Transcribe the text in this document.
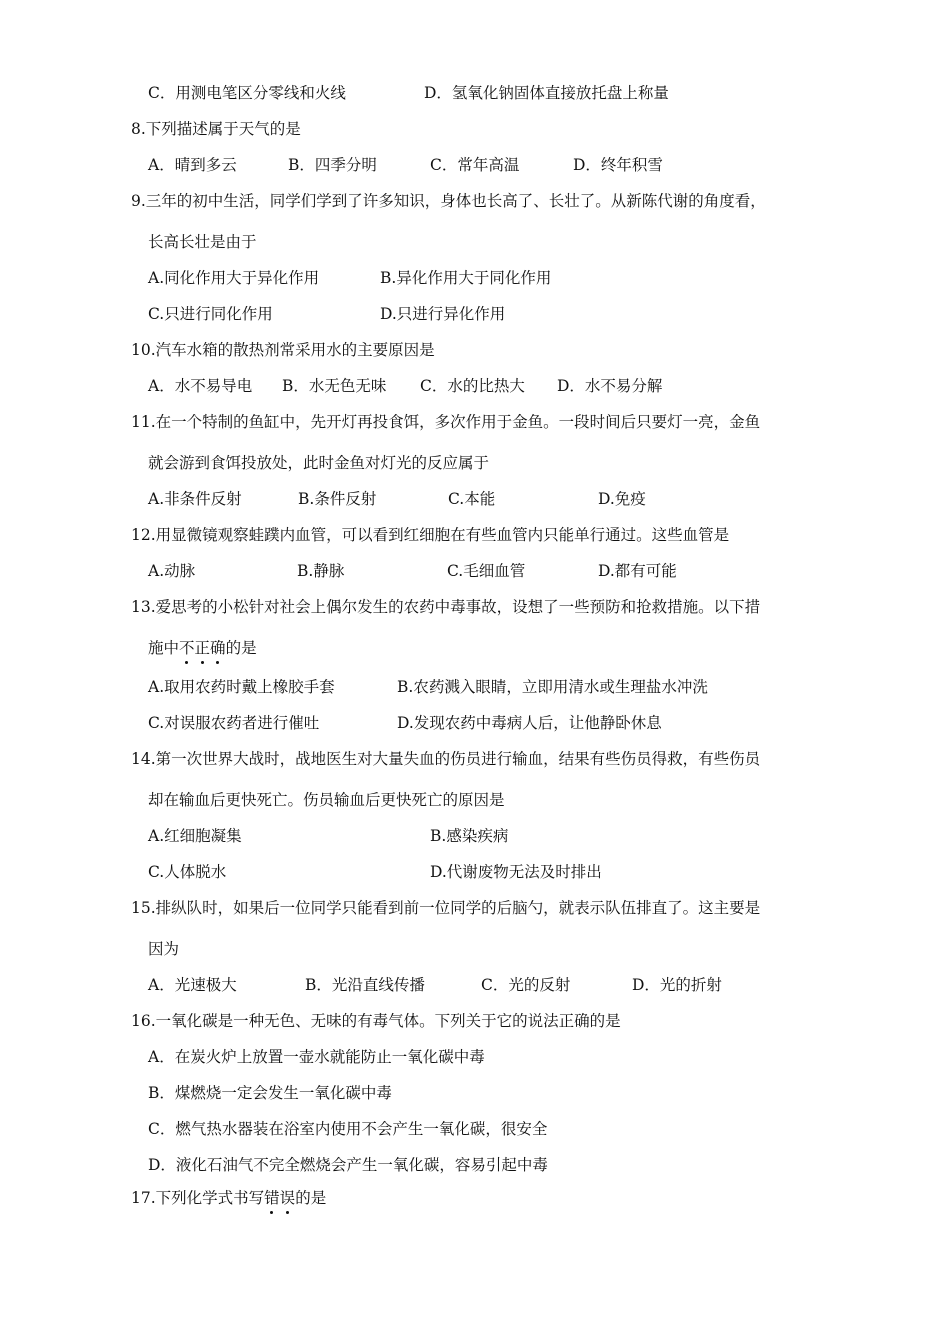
C．用测电笔区分零线和火线	D．氢氧化钠固体直接放托盘上称量
8.下列描述属于天气的是
A．晴到多云	B．四季分明	C．常年高温	D．终年积雪
9.三年的初中生活，同学们学到了许多知识，身体也长高了、长壮了。从新陈代谢的角度看，
长高长壮是由于
A.同化作用大于异化作用	B.异化作用大于同化作用
C.只进行同化作用	D.只进行异化作用
10.汽车水箱的散热剂常采用水的主要原因是
A．水不易导电 B．水无色无味 C．水的比热大 D．水不易分解
11.在一个特制的鱼缸中，先开灯再投食饵，多次作用于金鱼。一段时间后只要灯一亮，金鱼
就会游到食饵投放处，此时金鱼对灯光的反应属于
A.非条件反射	B.条件反射	C.本能	D.免疫
12.用显微镜观察蛙蹼内血管，可以看到红细胞在有些血管内只能单行通过。这些血管是
A.动脉	B.静脉	C.毛细血管	D.都有可能
13.爱思考的小松针对社会上偶尔发生的农药中毒事故，设想了一些预防和抢救措施。以下措
施中不正确的是
A.取用农药时戴上橡胶手套	B.农药溅入眼睛，立即用清水或生理盐水冲洗
C.对误服农药者进行催吐	D.发现农药中毒病人后，让他静卧休息
14.第一次世界大战时，战地医生对大量失血的伤员进行输血，结果有些伤员得救，有些伤员
却在输血后更快死亡。伤员输血后更快死亡的原因是
A.红细胞凝集	B.感染疾病
C.人体脱水	D.代谢废物无法及时排出
15.排纵队时，如果后一位同学只能看到前一位同学的后脑勺，就表示队伍排直了。这主要是
因为
A．光速极大	B．光沿直线传播	C．光的反射	D．光的折射
16.一氧化碳是一种无色、无味的有毒气体。下列关于它的说法正确的是
A．在炭火炉上放置一壶水就能防止一氧化碳中毒
B．煤燃烧一定会发生一氧化碳中毒
C．燃气热水器装在浴室内使用不会产生一氧化碳，很安全
D．液化石油气不完全燃烧会产生一氧化碳，容易引起中毒
17.下列化学式书写错误的是
